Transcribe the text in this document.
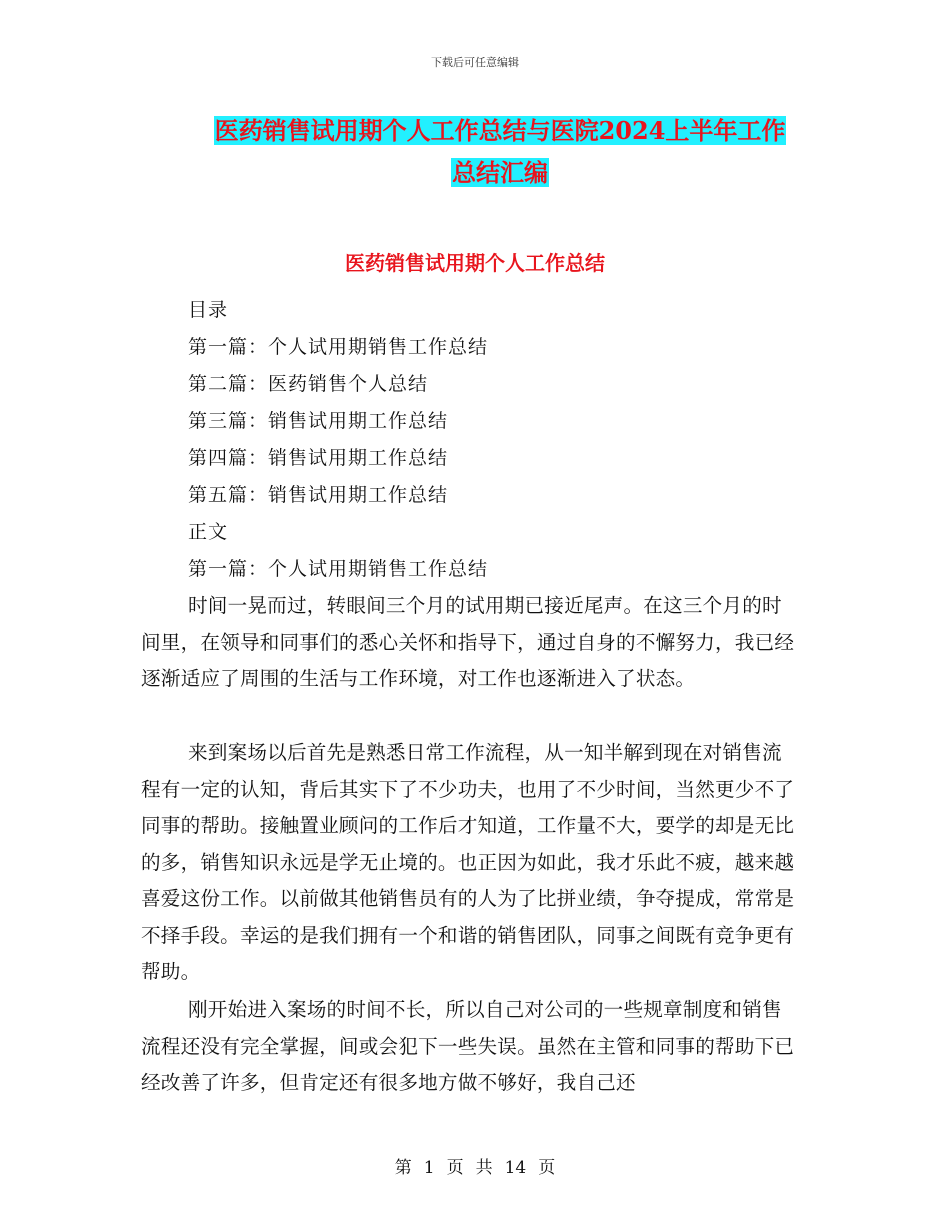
下载后可任意编辑
医药销售试用期个人工作总结与医院2024上半年工作
总结汇编
医药销售试用期个人工作总结
目录
第一篇：个人试用期销售工作总结
第二篇：医药销售个人总结
第三篇：销售试用期工作总结
第四篇：销售试用期工作总结
第五篇：销售试用期工作总结
正文
第一篇：个人试用期销售工作总结

时间一晃而过，转眼间三个月的试用期已接近尾声。在这三个月的时间里，在领导和同事们的悉心关怀和指导下，通过自身的不懈努力，我已经逐渐适应了周围的生活与工作环境，对工作也逐渐进入了状态。

来到案场以后首先是熟悉日常工作流程，从一知半解到现在对销售流程有一定的认知，背后其实下了不少功夫，也用了不少时间，当然更少不了同事的帮助。接触置业顾问的工作后才知道，工作量不大，要学的却是无比的多，销售知识永远是学无止境的。也正因为如此，我才乐此不疲，越来越喜爱这份工作。以前做其他销售员有的人为了比拼业绩，争夺提成，常常是不择手段。幸运的是我们拥有一个和谐的销售团队，同事之间既有竞争更有帮助。

刚开始进入案场的时间不长，所以自己对公司的一些规章制度和销售流程还没有完全掌握，间或会犯下一些失误。虽然在主管和同事的帮助下已经改善了许多，但肯定还有很多地方做不够好，我自己还

第 1 页 共 14 页
